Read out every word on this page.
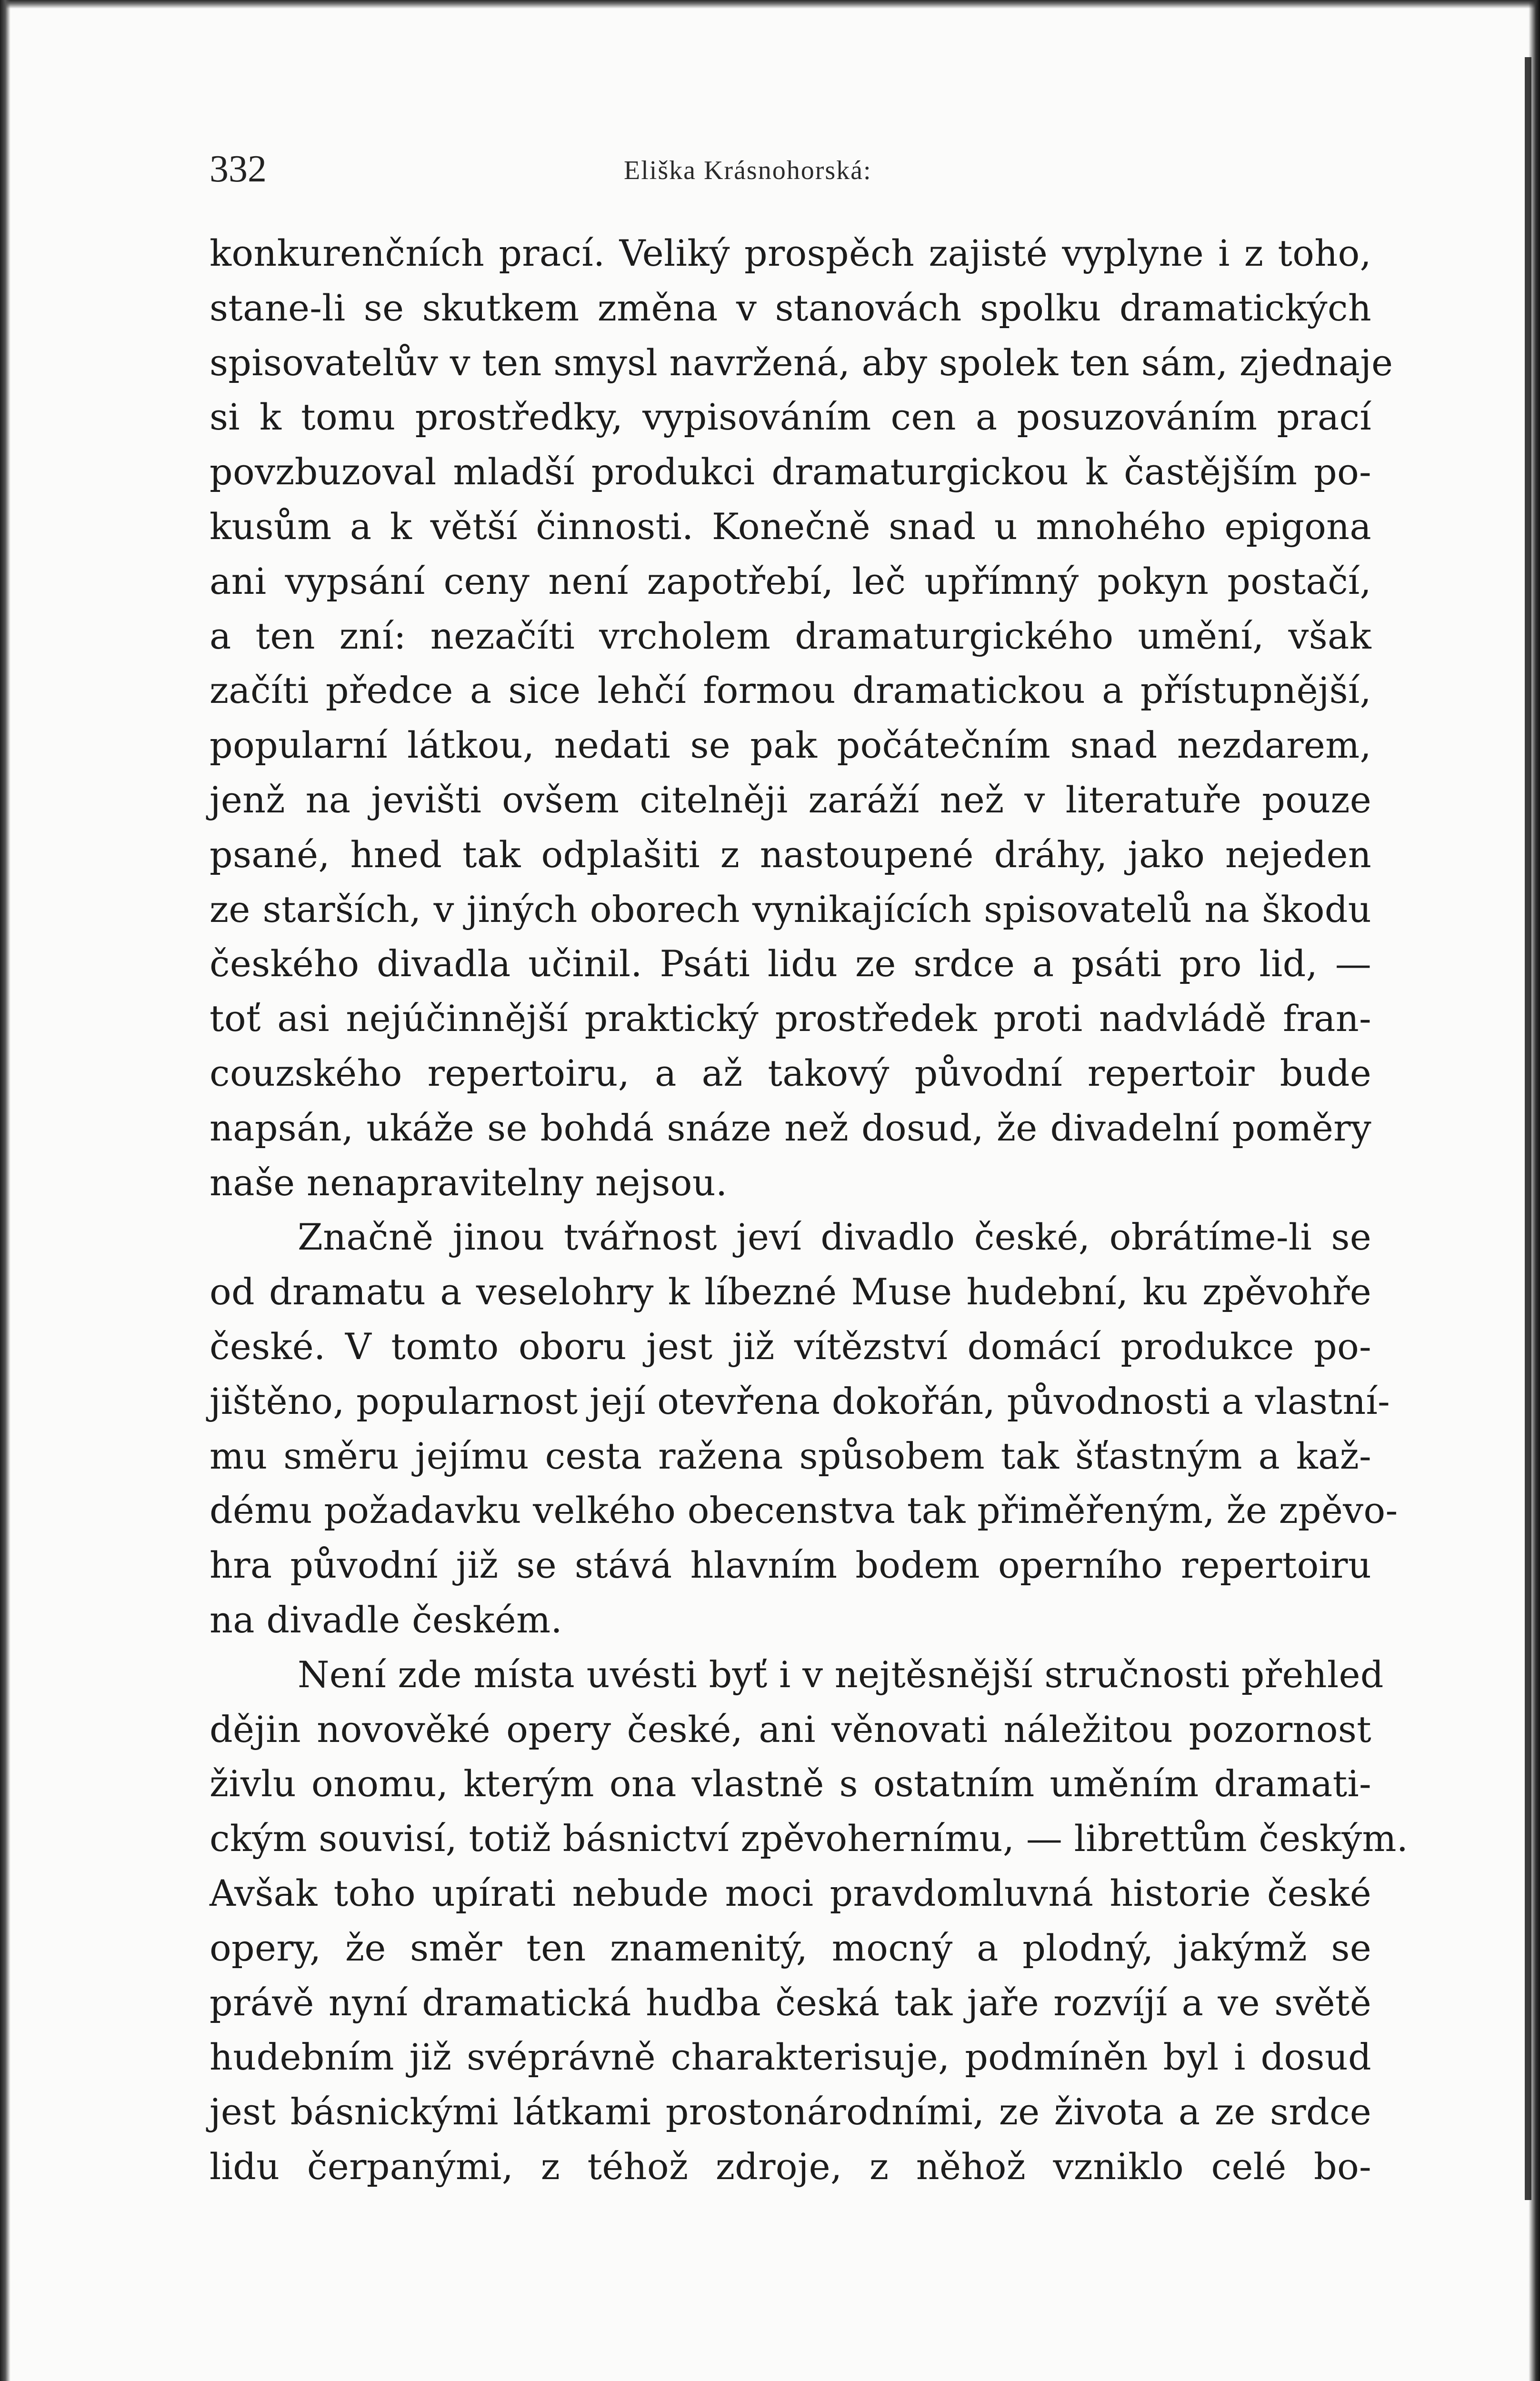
332	Eliška Krásnohorská:
konkurenčních prací. Veliký prospěch zajisté vyplyne i z toho,
stane-li se skutkem změna v stanovách spolku dramatických
spisovatelův v ten smysl navržená, aby spolek ten sám, zjednaje
si k tomu prostředky, vypisováním cen a posuzováním prací
povzbuzoval mladší produkci dramaturgickou k častějším po-
kusům a k větší činnosti. Konečně snad u mnohého epigona
ani vypsání ceny není zapotřebí, leč upřímný pokyn postačí,
a ten zní: nezačíti vrcholem dramaturgického umění, však
začíti předce a sice lehčí formou dramatickou a přístupnější,
popularní látkou, nedati se pak počátečním snad nezdarem,
jenž na jevišti ovšem citelněji zaráží než v literatuře pouze
psané, hned tak odplašiti z nastoupené dráhy, jako nejeden
ze starších, v jiných oborech vynikajících spisovatelů na škodu
českého divadla učinil. Psáti lidu ze srdce a psáti pro lid, —
toť asi nejúčinnější praktický prostředek proti nadvládě fran-
couzského repertoiru, a až takový původní repertoir bude
napsán, ukáže se bohdá snáze než dosud, že divadelní poměry
naše nenapravitelny nejsou.
Značně jinou tvářnost jeví divadlo české, obrátíme-li se
od dramatu a veselohry k líbezné Muse hudební, ku zpěvohře
české. V tomto oboru jest již vítězství domácí produkce po-
jištěno, popularnost její otevřena dokořán, původnosti a vlastní-
mu směru jejímu cesta ražena spůsobem tak šťastným a kaž-
dému požadavku velkého obecenstva tak přiměřeným, že zpěvo-
hra původní již se stává hlavním bodem operního repertoiru
na divadle českém.
Není zde místa uvésti byť i v nejtěsnější stručnosti přehled
dějin novověké opery české, ani věnovati náležitou pozornost
živlu onomu, kterým ona vlastně s ostatním uměním dramati-
ckým souvisí, totiž básnictví zpěvohernímu, — librettům českým.
Avšak toho upírati nebude moci pravdomluvná historie české
opery, že směr ten znamenitý, mocný a plodný, jakýmž se
právě nyní dramatická hudba česká tak jaře rozvíjí a ve světě
hudebním již svéprávně charakterisuje, podmíněn byl i dosud
jest básnickými látkami prostonárodními, ze života a ze srdce
lidu čerpanými, z téhož zdroje, z něhož vzniklo celé bo-
